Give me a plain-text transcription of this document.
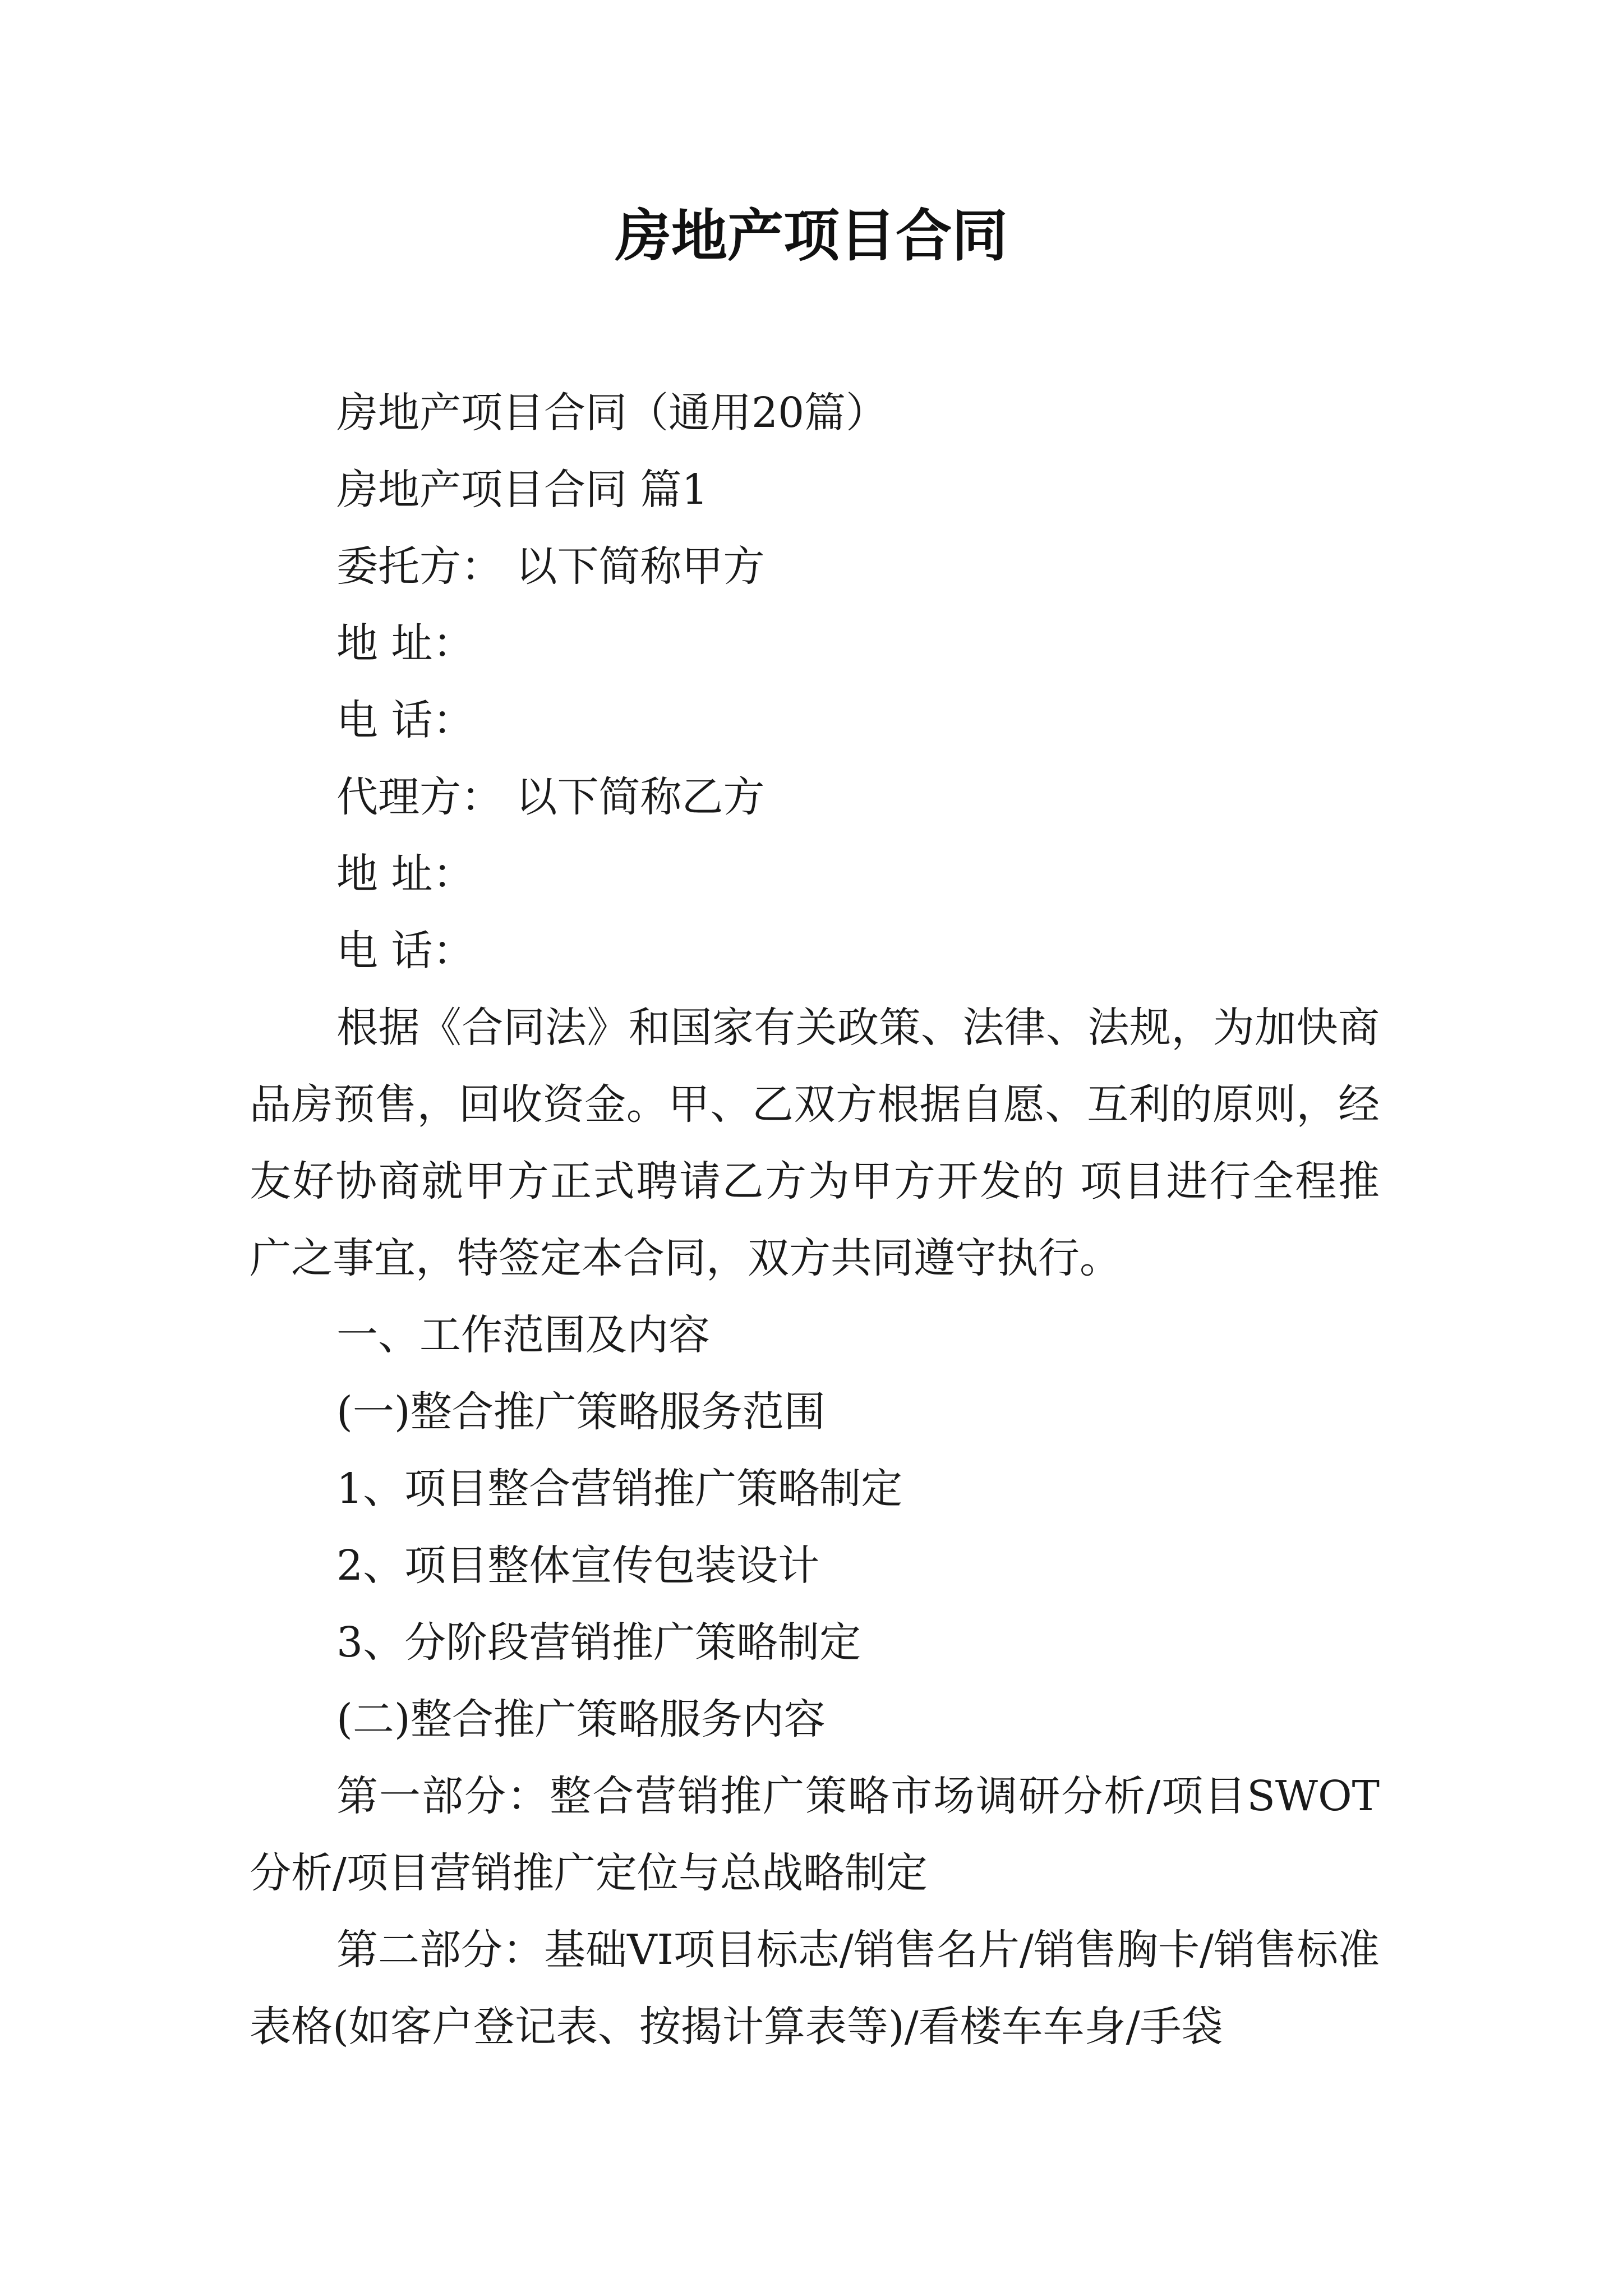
房地产项目合同

房地产项目合同（通用20篇）

房地产项目合同 篇1

委托方： 以下简称甲方

地 址：

电 话：

代理方： 以下简称乙方

地 址：

电 话：

根据《合同法》和国家有关政策、法律、法规，为加快商品房预售，回收资金。甲、乙双方根据自愿、互利的原则，经友好协商就甲方正式聘请乙方为甲方开发的 项目进行全程推广之事宜，特签定本合同，双方共同遵守执行。

一、工作范围及内容

(一)整合推广策略服务范围

1、项目整合营销推广策略制定

2、项目整体宣传包装设计

3、分阶段营销推广策略制定

(二)整合推广策略服务内容

第一部分：整合营销推广策略市场调研分析/项目SWOT分析/项目营销推广定位与总战略制定

第二部分：基础VI项目标志/销售名片/销售胸卡/销售标准表格(如客户登记表、按揭计算表等)/看楼车车身/手袋
